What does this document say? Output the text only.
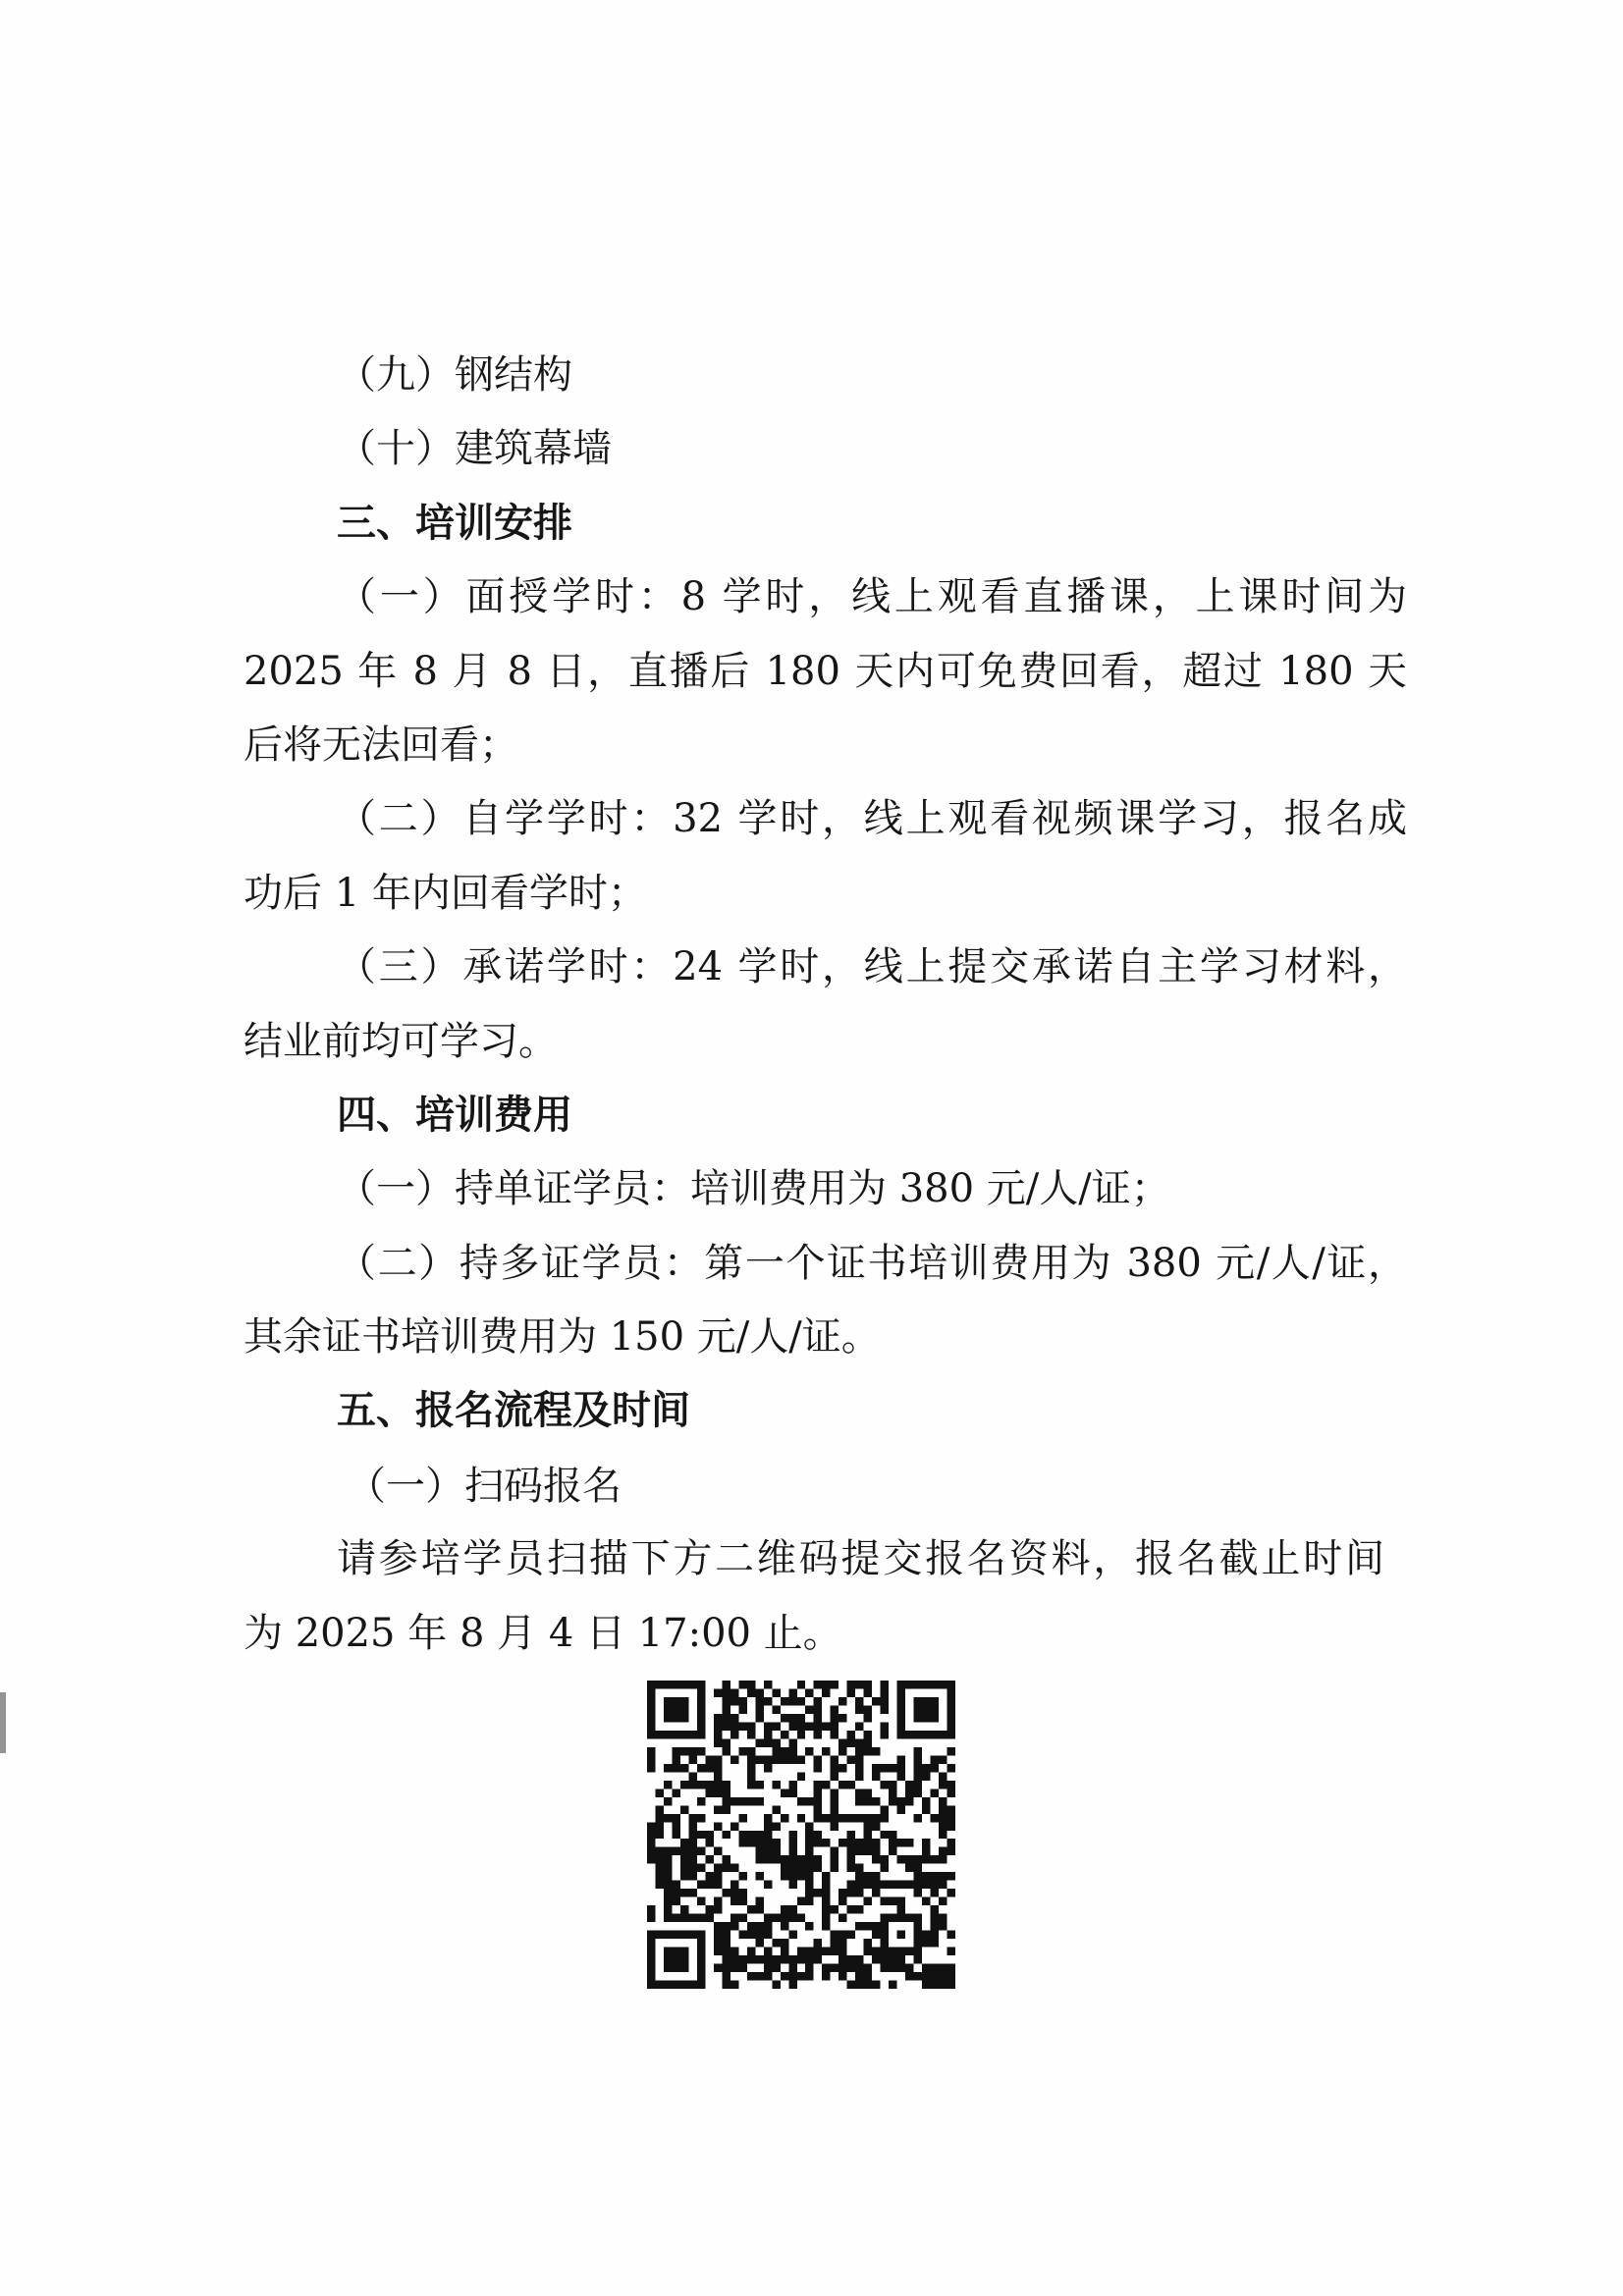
（九）钢结构
（十）建筑幕墙
三、培训安排
（一）面授学时：8 学时，线上观看直播课，上课时间为
2025 年 8 月 8 日，直播后 180 天内可免费回看，超过 180 天
后将无法回看；
（二）自学学时：32 学时，线上观看视频课学习，报名成
功后 1 年内回看学时；
（三）承诺学时：24 学时，线上提交承诺自主学习材料，
结业前均可学习。
四、培训费用
（一）持单证学员：培训费用为 380 元/人/证；
（二）持多证学员：第一个证书培训费用为 380 元/人/证，
其余证书培训费用为 150 元/人/证。
五、报名流程及时间
（一）扫码报名
请参培学员扫描下方二维码提交报名资料，报名截止时间
为 2025 年 8 月 4 日 17:00 止。
